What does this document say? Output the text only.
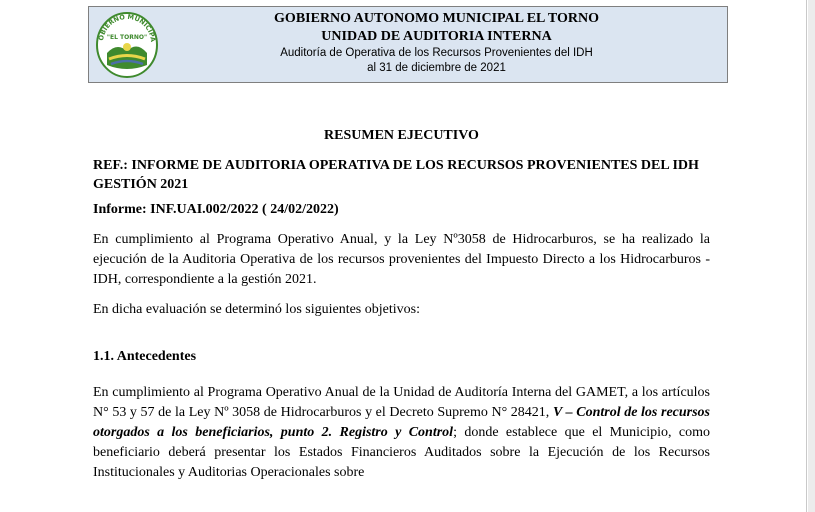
OBIERNO MUNICIPA
"EL TORNO"
GOBIERNO AUTONOMO MUNICIPAL EL TORNO
UNIDAD DE AUDITORIA INTERNA
Auditoría de Operativa de los Recursos Provenientes del IDH
al 31 de diciembre de 2021
RESUMEN EJECUTIVO
REF.: INFORME DE AUDITORIA OPERATIVA DE LOS RECURSOS PROVENIENTES DEL IDH GESTIÓN 2021
Informe: INF.UAI.002/2022 ( 24/02/2022)
En cumplimiento al Programa Operativo Anual, y la Ley Nº3058 de Hidrocarburos, se ha realizado la ejecución de la Auditoria Operativa de los recursos provenientes del Impuesto Directo a los Hidrocarburos - IDH, correspondiente a la gestión 2021.
En dicha evaluación se determinó los siguientes objetivos:
1.1. Antecedentes
En cumplimiento al Programa Operativo Anual de la Unidad de Auditoría Interna del GAMET, a los artículos N° 53 y 57 de la Ley Nº 3058 de Hidrocarburos y el Decreto Supremo N° 28421, V – Control de los recursos otorgados a los beneficiarios, punto 2. Registro y Control; donde establece que el Municipio, como beneficiario deberá presentar los Estados Financieros Auditados sobre la Ejecución de los Recursos Institucionales y Auditorias Operacionales sobre
